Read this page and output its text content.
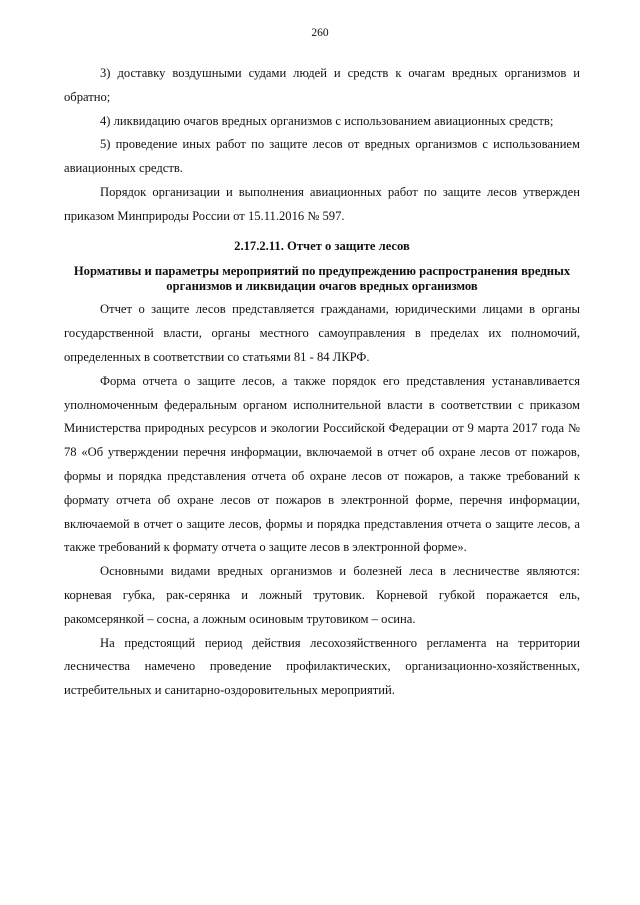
260

3) доставку воздушными судами людей и средств к очагам вредных организмов и обратно;

4) ликвидацию очагов вредных организмов с использованием авиационных средств;

5) проведение иных работ по защите лесов от вредных организмов с использованием авиационных средств.

Порядок организации и выполнения авиационных работ по защите лесов утвержден приказом Минприроды России от 15.11.2016 № 597.

2.17.2.11. Отчет о защите лесов

Нормативы и параметры мероприятий по предупреждению распространения вредных организмов и ликвидации очагов вредных организмов

Отчет о защите лесов представляется гражданами, юридическими лицами в органы государственной власти, органы местного самоуправления в пределах их полномочий, определенных в соответствии со статьями 81 - 84 ЛКРФ.

Форма отчета о защите лесов, а также порядок его представления устанавливается уполномоченным федеральным органом исполнительной власти в соответствии с приказом Министерства природных ресурсов и экологии Российской Федерации от 9 марта 2017 года № 78 «Об утверждении перечня информации, включаемой в отчет об охране лесов от пожаров, формы и порядка представления отчета об охране лесов от пожаров, а также требований к формату отчета об охране лесов от пожаров в электронной форме, перечня информации, включаемой в отчет о защите лесов, формы и порядка представления отчета о защите лесов, а также требований к формату отчета о защите лесов в электронной форме».

Основными видами вредных организмов и болезней леса в лесничестве являются: корневая губка, рак-серянка и ложный трутовик. Корневой губкой поражается ель, ракомсерянкой – сосна, а ложным осиновым трутовиком – осина.

На предстоящий период действия лесохозяйственного регламента на территории лесничества намечено проведение профилактических, организационно-хозяйственных, истребительных и санитарно-оздоровительных мероприятий.
